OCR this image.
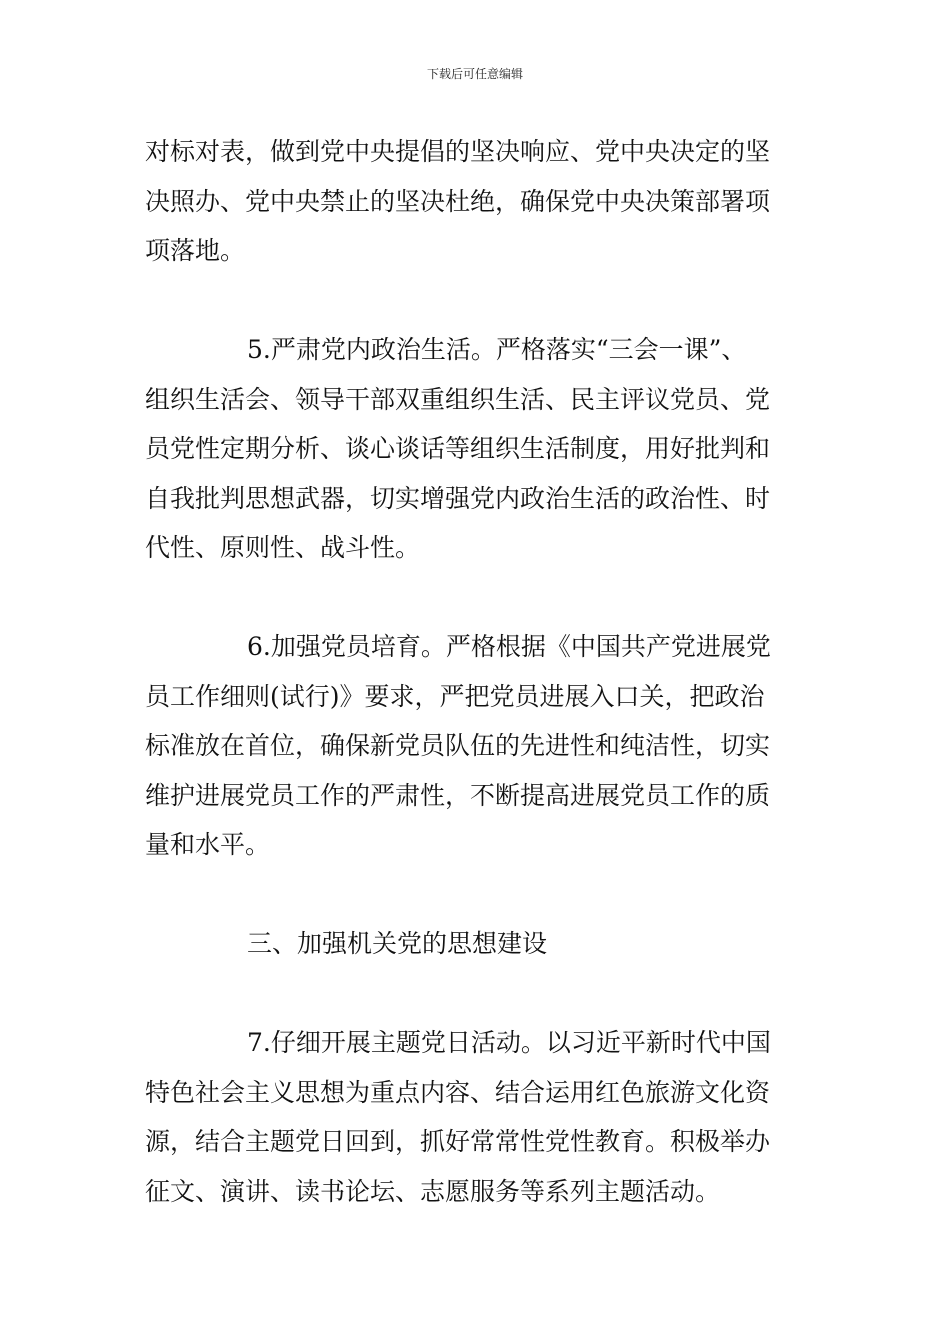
下载后可任意编辑
对标对表，做到党中央提倡的坚决响应、党中央决定的坚
决照办、党中央禁止的坚决杜绝，确保党中央决策部署项
项落地。
5.严肃党内政治生活。严格落实“三会一课”、
组织生活会、领导干部双重组织生活、民主评议党员、党
员党性定期分析、谈心谈话等组织生活制度，用好批判和
自我批判思想武器，切实增强党内政治生活的政治性、时
代性、原则性、战斗性。
6.加强党员培育。严格根据《中国共产党进展党
员工作细则(试行)》要求，严把党员进展入口关，把政治
标准放在首位，确保新党员队伍的先进性和纯洁性，切实
维护进展党员工作的严肃性，不断提高进展党员工作的质
量和水平。
三、加强机关党的思想建设
7.仔细开展主题党日活动。以习近平新时代中国
特色社会主义思想为重点内容、结合运用红色旅游文化资
源，结合主题党日回到，抓好常常性党性教育。积极举办
征文、演讲、读书论坛、志愿服务等系列主题活动。
